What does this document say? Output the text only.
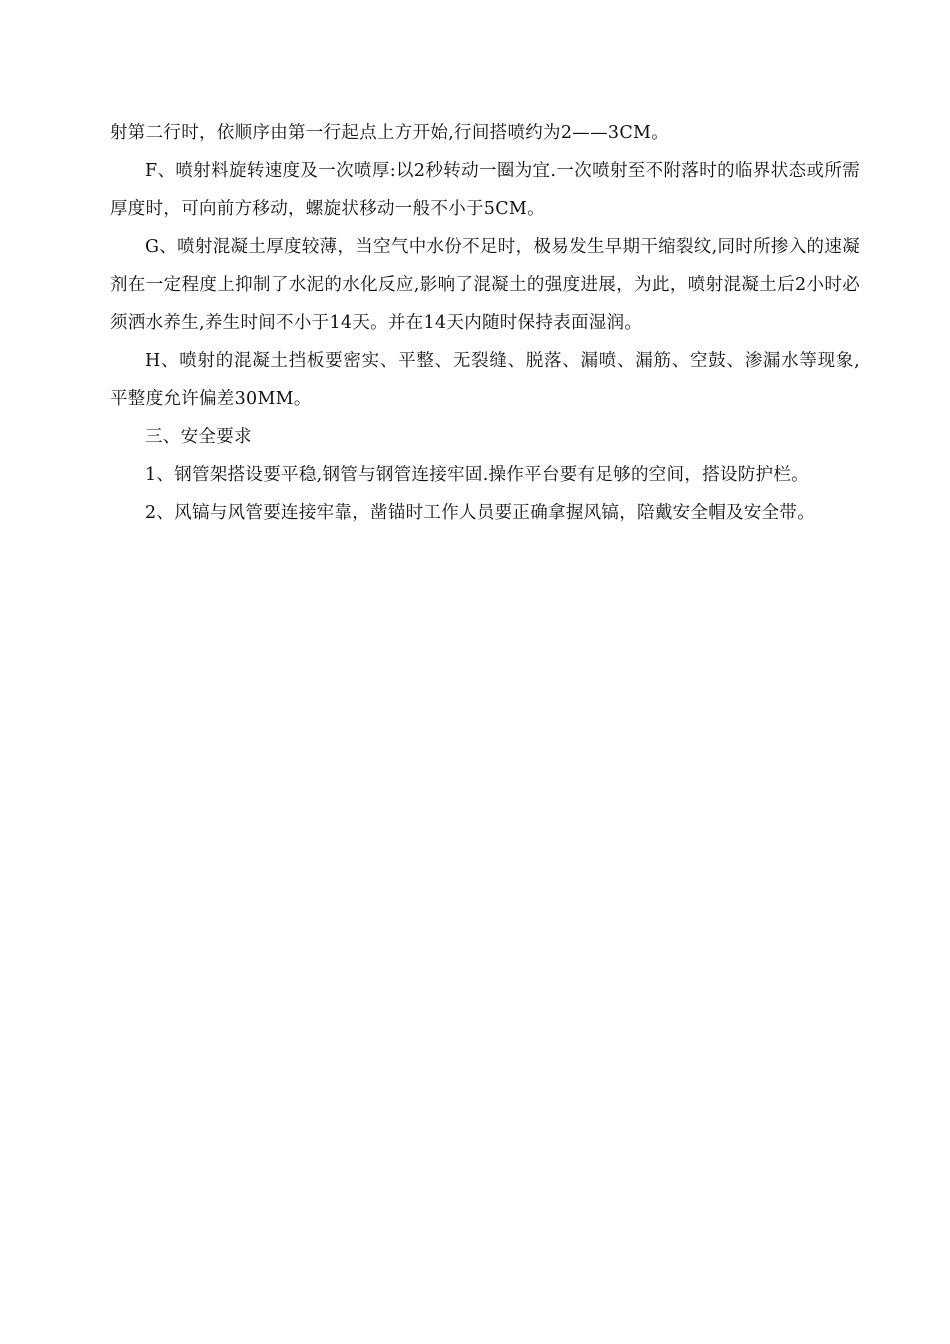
射第二行时，依顺序由第一行起点上方开始,行间搭喷约为2——3CM。

F、喷射料旋转速度及一次喷厚:以2秒转动一圈为宜.一次喷射至不附落时的临界状态或所需厚度时，可向前方移动，螺旋状移动一般不小于5CM。

G、喷射混凝土厚度较薄，当空气中水份不足时，极易发生早期干缩裂纹,同时所掺入的速凝剂在一定程度上抑制了水泥的水化反应,影响了混凝土的强度进展，为此，喷射混凝土后2小时必须洒水养生,养生时间不小于14天。并在14天内随时保持表面湿润。

H、喷射的混凝土挡板要密实、平整、无裂缝、脱落、漏喷、漏筋、空鼓、渗漏水等现象,平整度允许偏差30MM。

三、安全要求

1、钢管架搭设要平稳,钢管与钢管连接牢固.操作平台要有足够的空间，搭设防护栏。

2、风镐与风管要连接牢靠，凿锚时工作人员要正确拿握风镐，陪戴安全帽及安全带。
